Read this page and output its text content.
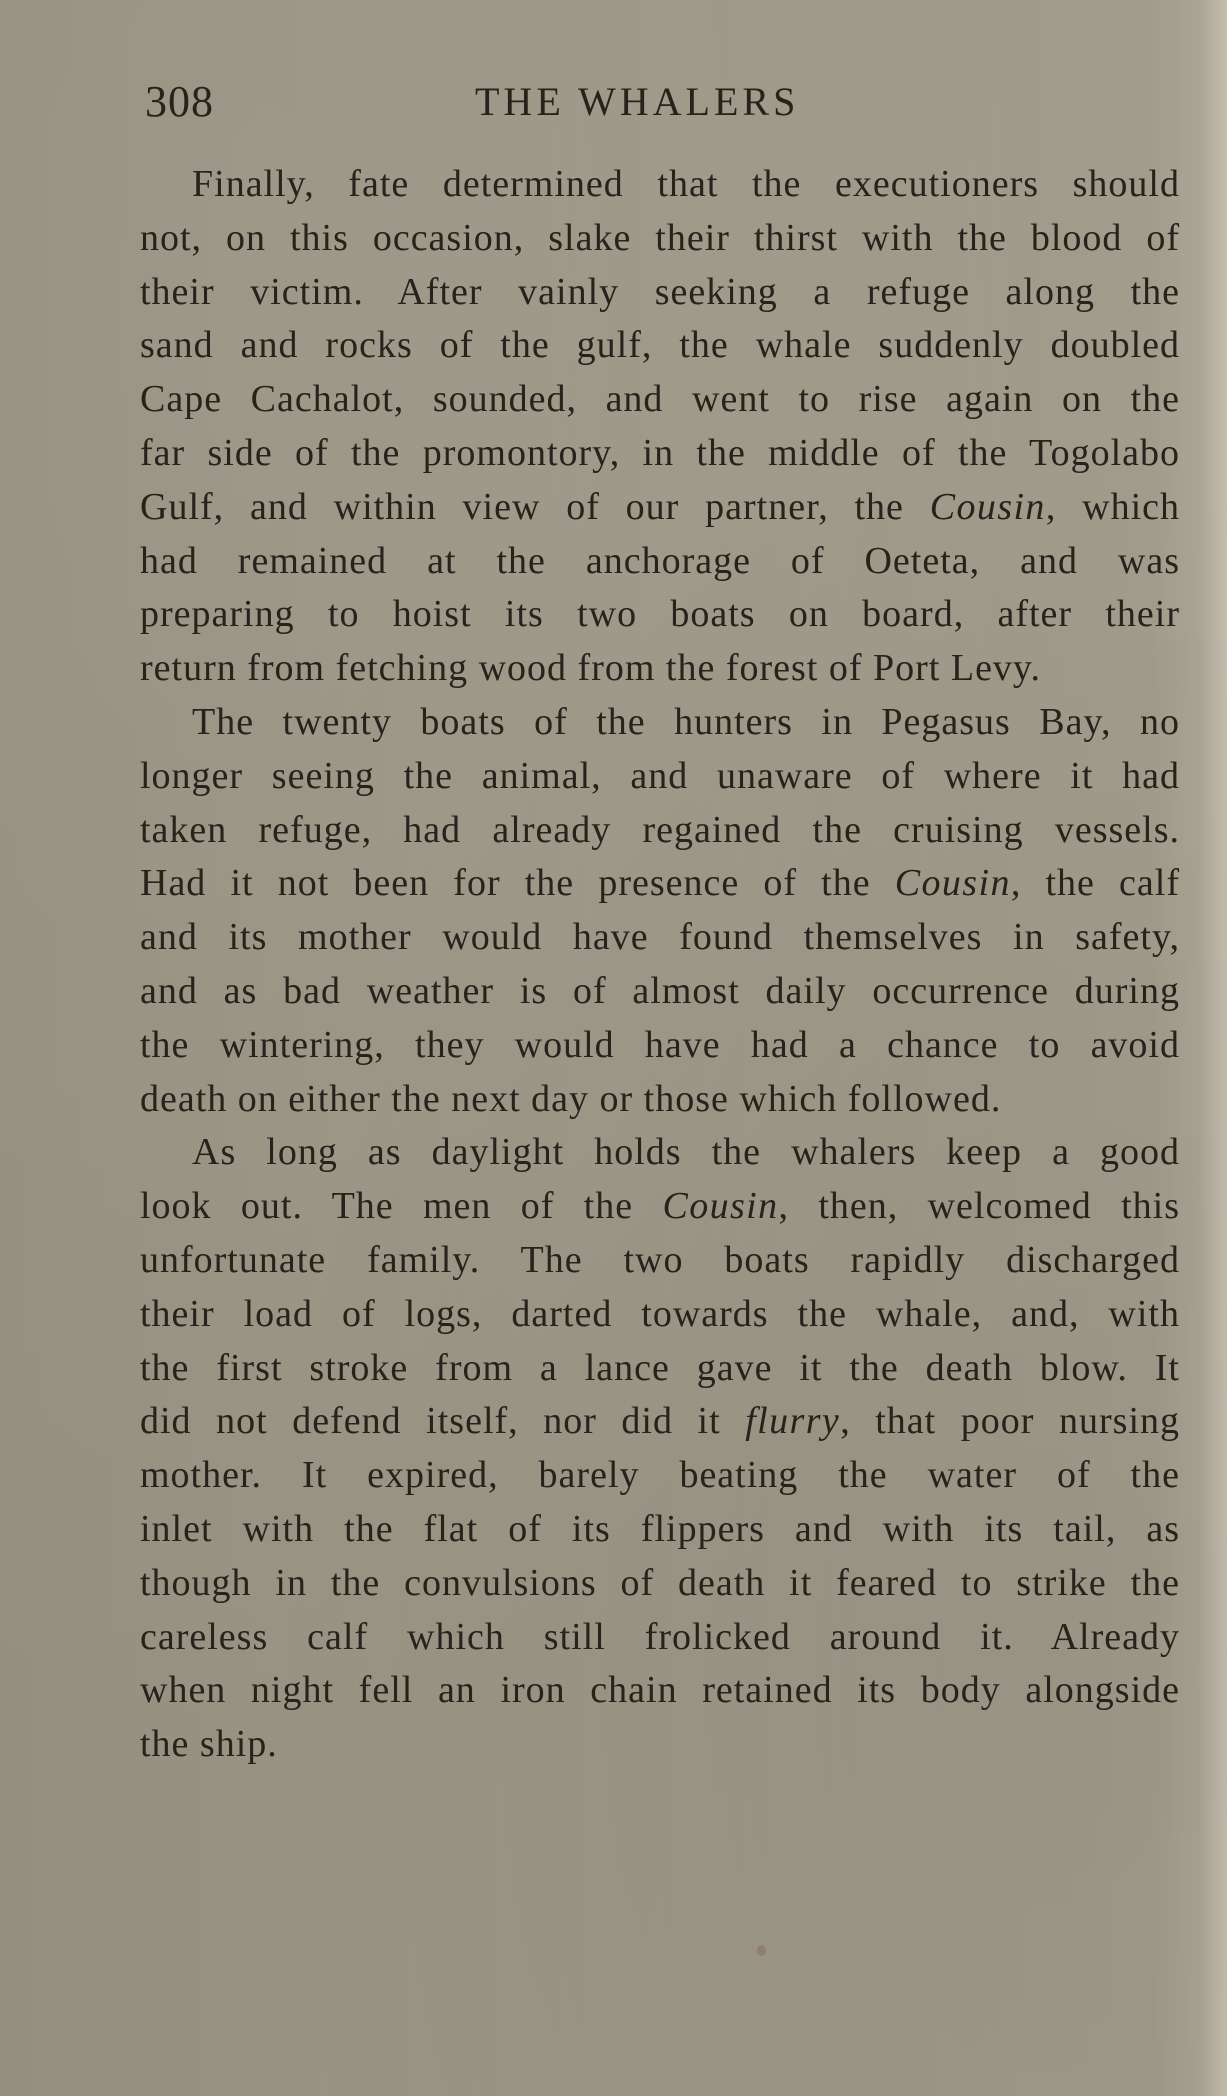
308	THE WHALERS
Finally, fate determined that the executioners should
not, on this occasion, slake their thirst with the blood of
their victim. After vainly seeking a refuge along the
sand and rocks of the gulf, the whale suddenly doubled
Cape Cachalot, sounded, and went to rise again on the
far side of the promontory, in the middle of the Togolabo
Gulf, and within view of our partner, the Cousin, which
had remained at the anchorage of Oeteta, and was
preparing to hoist its two boats on board, after their
return from fetching wood from the forest of Port Levy.
The twenty boats of the hunters in Pegasus Bay, no
longer seeing the animal, and unaware of where it had
taken refuge, had already regained the cruising vessels.
Had it not been for the presence of the Cousin, the calf
and its mother would have found themselves in safety,
and as bad weather is of almost daily occurrence during
the wintering, they would have had a chance to avoid
death on either the next day or those which followed.
As long as daylight holds the whalers keep a good
look out. The men of the Cousin, then, welcomed this
unfortunate family. The two boats rapidly discharged
their load of logs, darted towards the whale, and, with
the first stroke from a lance gave it the death blow. It
did not defend itself, nor did it flurry, that poor nursing
mother. It expired, barely beating the water of the
inlet with the flat of its flippers and with its tail, as
though in the convulsions of death it feared to strike the
careless calf which still frolicked around it. Already
when night fell an iron chain retained its body alongside
the ship.
